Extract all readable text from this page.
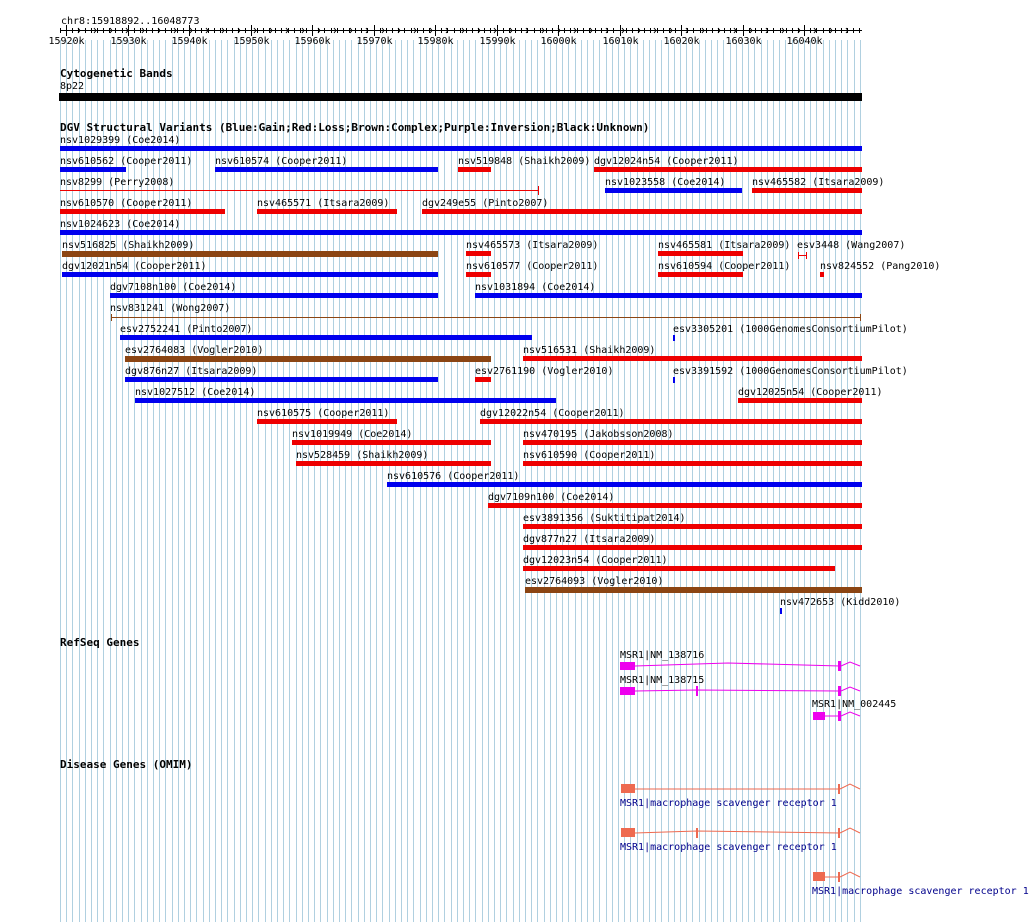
chr8:15918892..16048773
15920k	15930k 15940k	15950k 15960k	15970k 15980k	15990k 16000k	16010k 16020k	16030k 16040k
Cytogenetic Bands
8p22
DGV Structural Variants (Blue:Gain;Red:Loss;Brown:Complex;Purple:Inversion;Black:Unknown)
nsv1029399 (Coe2014)
nsv610562 (Cooper2011) nsv610574 (Cooper2011)	nsv519848 (Shaikh2009) dgv12024n54 (Cooper2011)
nsv8299 (Perry2008)	nsv1023558 (Coe2014)	nsv465582 (Itsara2009)
nsv610570 (Cooper2011)	nsv465571 (Itsara2009)	dgv249e55 (Pinto2007)
nsv1024623 (Coe2014)
nsv516825 (Shaikh2009)	nsv465573 (Itsara2009)	nsv465581 (Itsara2009) esv3448 (Wang2007)
dgv12021n54 (Cooper2011)	nsv610577 (Cooper2011)	nsv610594 (Cooper2011)	nsv824552 (Pang2010)
dgv7108n100 (Coe2014)	nsv1031894 (Coe2014)
nsv831241 (Wong2007)
esv2752241 (Pinto2007)	esv3305201 (1000GenomesConsortiumPilot)
esv2764083 (Vogler2010)	nsv516531 (Shaikh2009)
dgv876n27 (Itsara2009)	esv2761190 (Vogler2010)	esv3391592 (1000GenomesConsortiumPilot)
nsv1027512 (Coe2014)	dgv12025n54 (Cooper2011)
nsv610575 (Cooper2011)	dgv12022n54 (Cooper2011)
nsv1019949 (Coe2014)	nsv470195 (Jakobsson2008)
nsv528459 (Shaikh2009)	nsv610590 (Cooper2011)
nsv610576 (Cooper2011)
dgv7109n100 (Coe2014)
esv3891356 (Suktitipat2014)
dgv877n27 (Itsara2009)
dgv12023n54 (Cooper2011)
esv2764093 (Vogler2010)
nsv472653 (Kidd2010)
RefSeq Genes
MSR1|NM_138716
MSR1|NM_138715
MSR1|NM_002445
Disease Genes (OMIM)
MSR1|macrophage scavenger receptor 1
MSR1|macrophage scavenger receptor 1
MSR1|macrophage scavenger receptor 1
